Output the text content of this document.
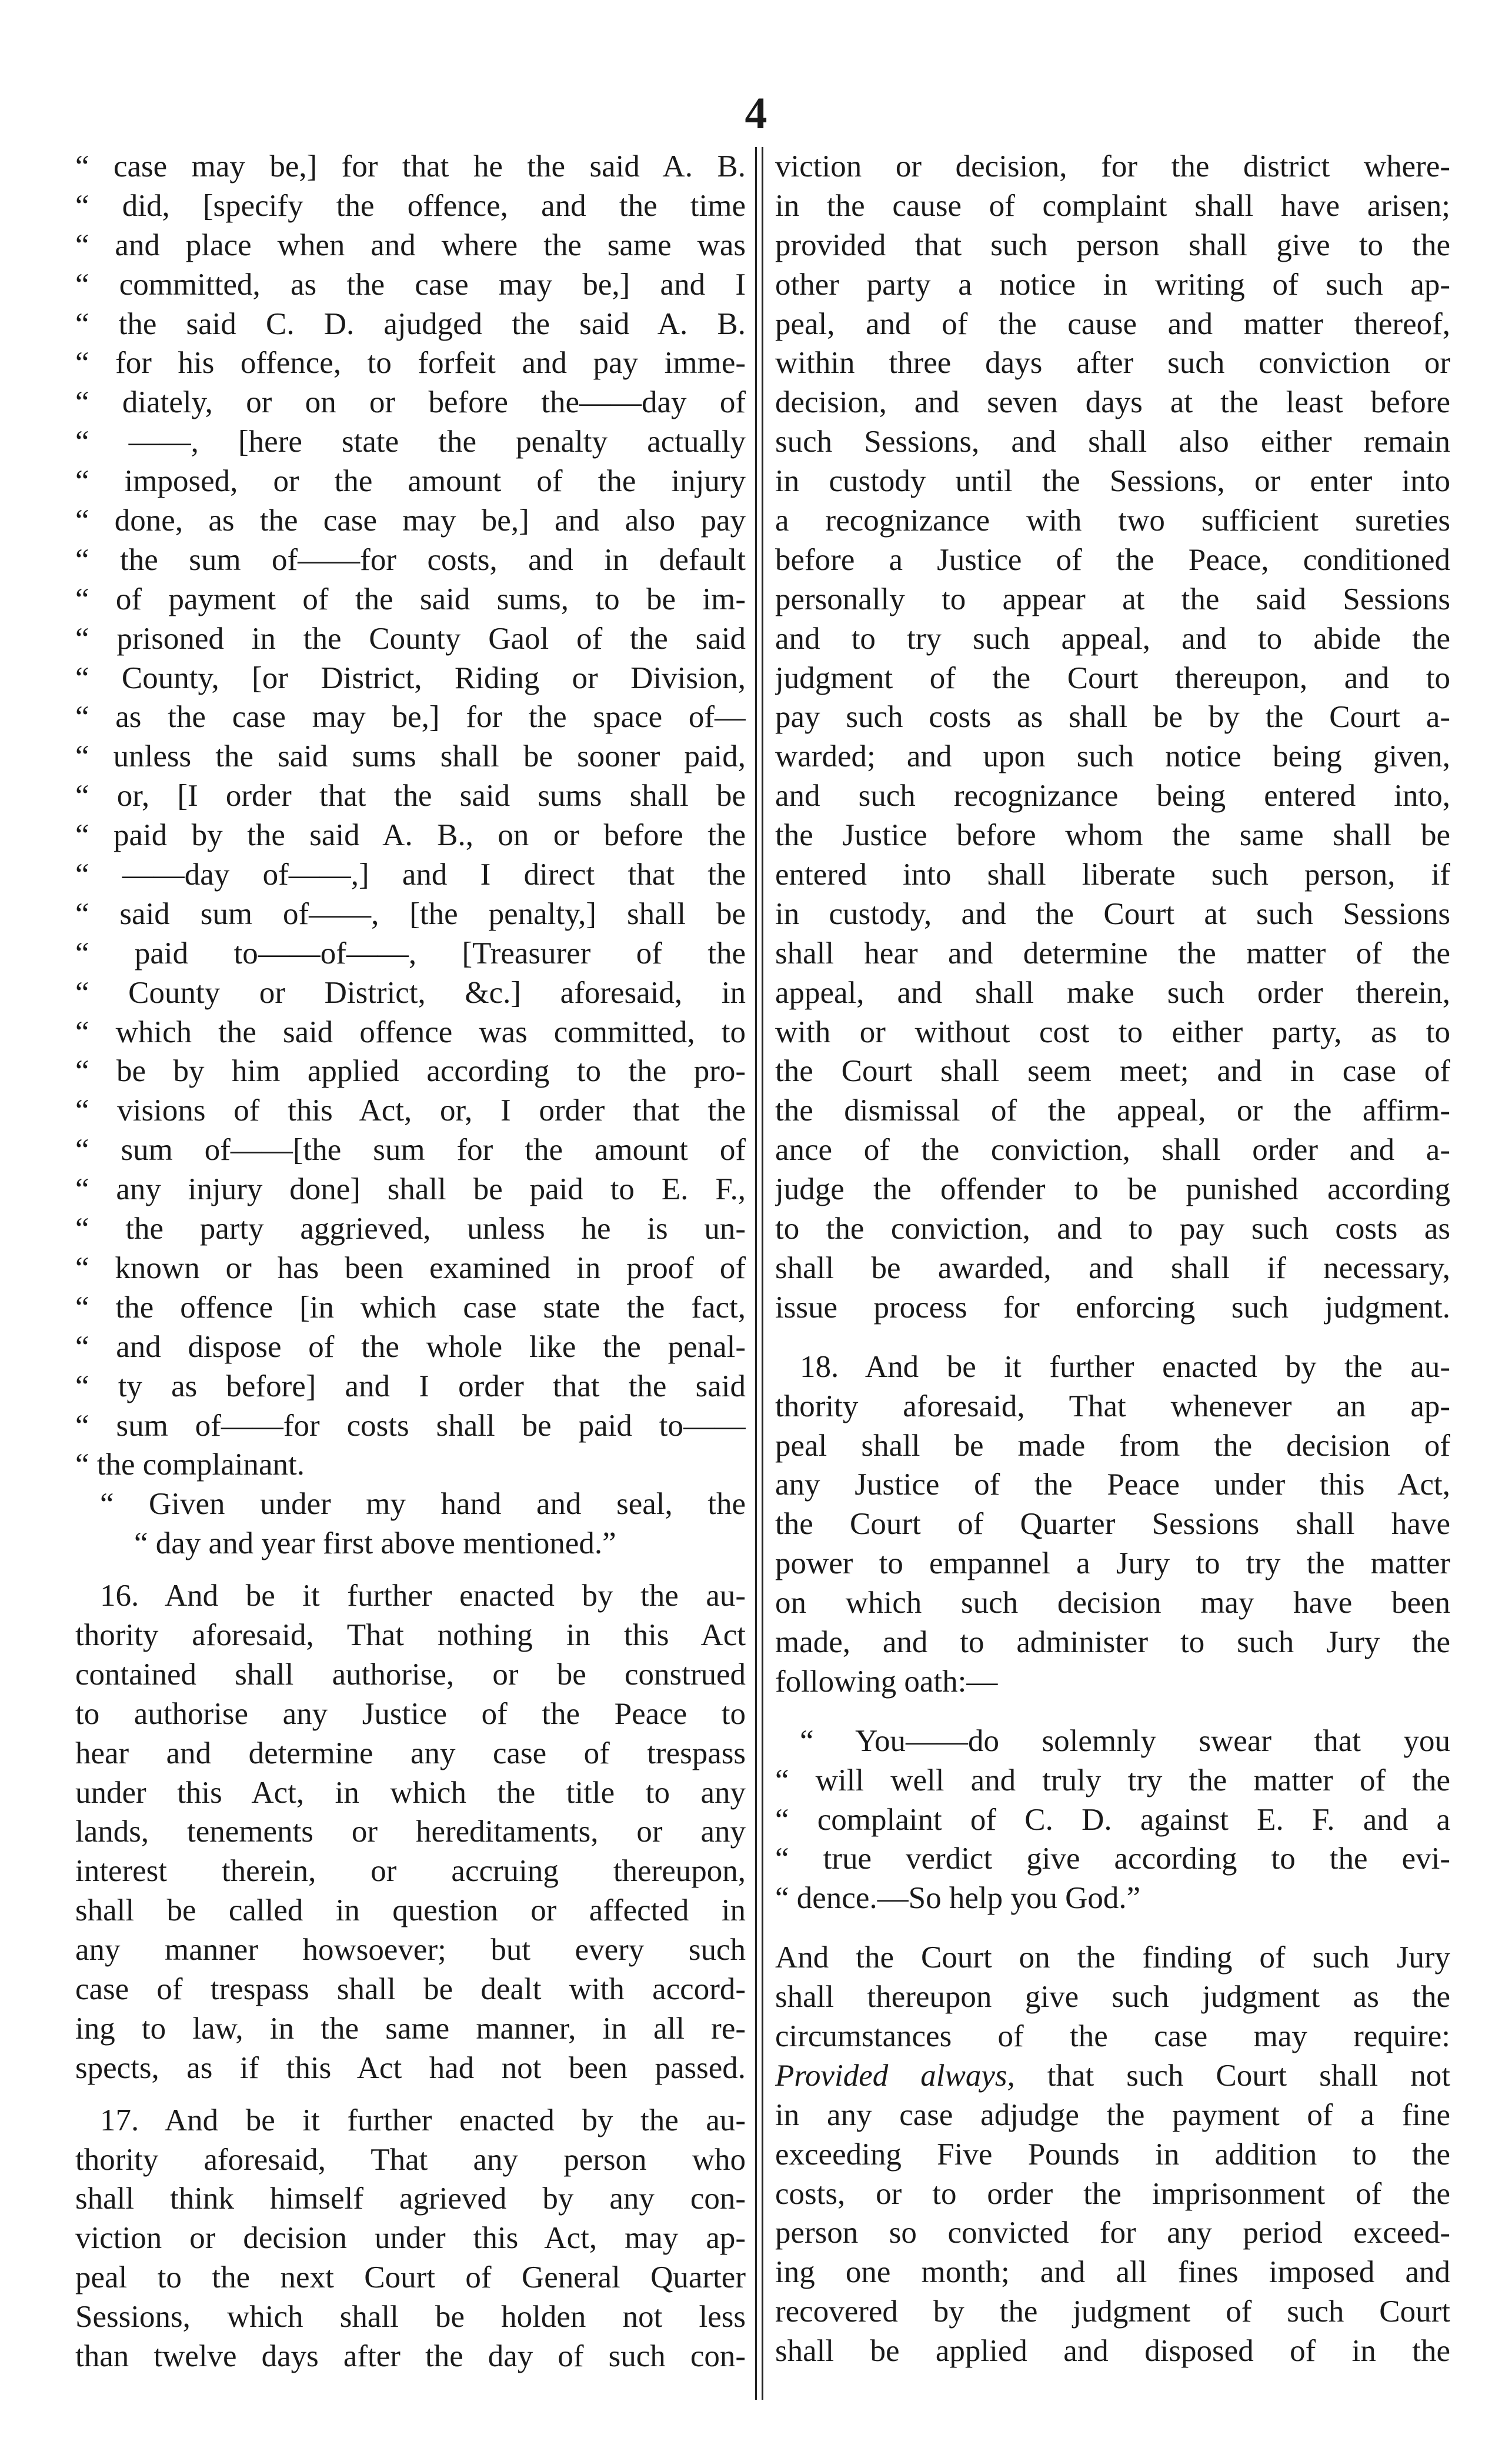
4
“ case may be,] for that he the said A. B.
“ did, [specify the offence, and the time
“ and place when and where the same was
“ committed, as the case may be,] and I
“ the said C. D. ajudged the said A. B.
“ for his offence, to forfeit and pay imme-
“ diately, or on or before the——day of
“ ——, [here state the penalty actually
“ imposed, or the amount of the injury
“ done, as the case may be,] and also pay
“ the sum of——for costs, and in default
“ of payment of the said sums, to be im-
“ prisoned in the County Gaol of the said
“ County, [or District, Riding or Division,
“ as the case may be,] for the space of—
“ unless the said sums shall be sooner paid,
“ or, [I order that the said sums shall be
“ paid by the said A. B., on or before the
“ ——day of——,] and I direct that the
“ said sum of——, [the penalty,] shall be
“ paid to——of——, [Treasurer of the
“ County or District, &c.] aforesaid, in
“ which the said offence was committed, to
“ be by him applied according to the pro-
“ visions of this Act, or, I order that the
“ sum of——[the sum for the amount of
“ any injury done] shall be paid to E. F.,
“ the party aggrieved, unless he is un-
“ known or has been examined in proof of
“ the offence [in which case state the fact,
“ and dispose of the whole like the penal-
“ ty as before] and I order that the said
“ sum of——for costs shall be paid to——
“ the complainant.
“ Given under my hand and seal, the
“ day and year first above mentioned.”
16. And be it further enacted by the au-
thority aforesaid, That nothing in this Act
contained shall authorise, or be construed
to authorise any Justice of the Peace to
hear and determine any case of trespass
under this Act, in which the title to any
lands, tenements or hereditaments, or any
interest therein, or accruing thereupon,
shall be called in question or affected in
any manner howsoever; but every such
case of trespass shall be dealt with accord-
ing to law, in the same manner, in all re-
spects, as if this Act had not been passed.
17. And be it further enacted by the au-
thority aforesaid, That any person who
shall think himself agrieved by any con-
viction or decision under this Act, may ap-
peal to the next Court of General Quarter
Sessions, which shall be holden not less
than twelve days after the day of such con-
viction or decision, for the district where-
in the cause of complaint shall have arisen;
provided that such person shall give to the
other party a notice in writing of such ap-
peal, and of the cause and matter thereof,
within three days after such conviction or
decision, and seven days at the least before
such Sessions, and shall also either remain
in custody until the Sessions, or enter into
a recognizance with two sufficient sureties
before a Justice of the Peace, conditioned
personally to appear at the said Sessions
and to try such appeal, and to abide the
judgment of the Court thereupon, and to
pay such costs as shall be by the Court a-
warded; and upon such notice being given,
and such recognizance being entered into,
the Justice before whom the same shall be
entered into shall liberate such person, if
in custody, and the Court at such Sessions
shall hear and determine the matter of the
appeal, and shall make such order therein,
with or without cost to either party, as to
the Court shall seem meet; and in case of
the dismissal of the appeal, or the affirm-
ance of the conviction, shall order and a-
judge the offender to be punished according
to the conviction, and to pay such costs as
shall be awarded, and shall if necessary,
issue process for enforcing such judgment.
18. And be it further enacted by the au-
thority aforesaid, That whenever an ap-
peal shall be made from the decision of
any Justice of the Peace under this Act,
the Court of Quarter Sessions shall have
power to empannel a Jury to try the matter
on which such decision may have been
made, and to administer to such Jury the
following oath:—
“ You——do solemnly swear that you
“ will well and truly try the matter of the
“ complaint of C. D. against E. F. and a
“ true verdict give according to the evi-
“ dence.—So help you God.”
And the Court on the finding of such Jury
shall thereupon give such judgment as the
circumstances of the case may require:
Provided always, that such Court shall not
in any case adjudge the payment of a fine
exceeding Five Pounds in addition to the
costs, or to order the imprisonment of the
person so convicted for any period exceed-
ing one month; and all fines imposed and
recovered by the judgment of such Court
shall be applied and disposed of in the
